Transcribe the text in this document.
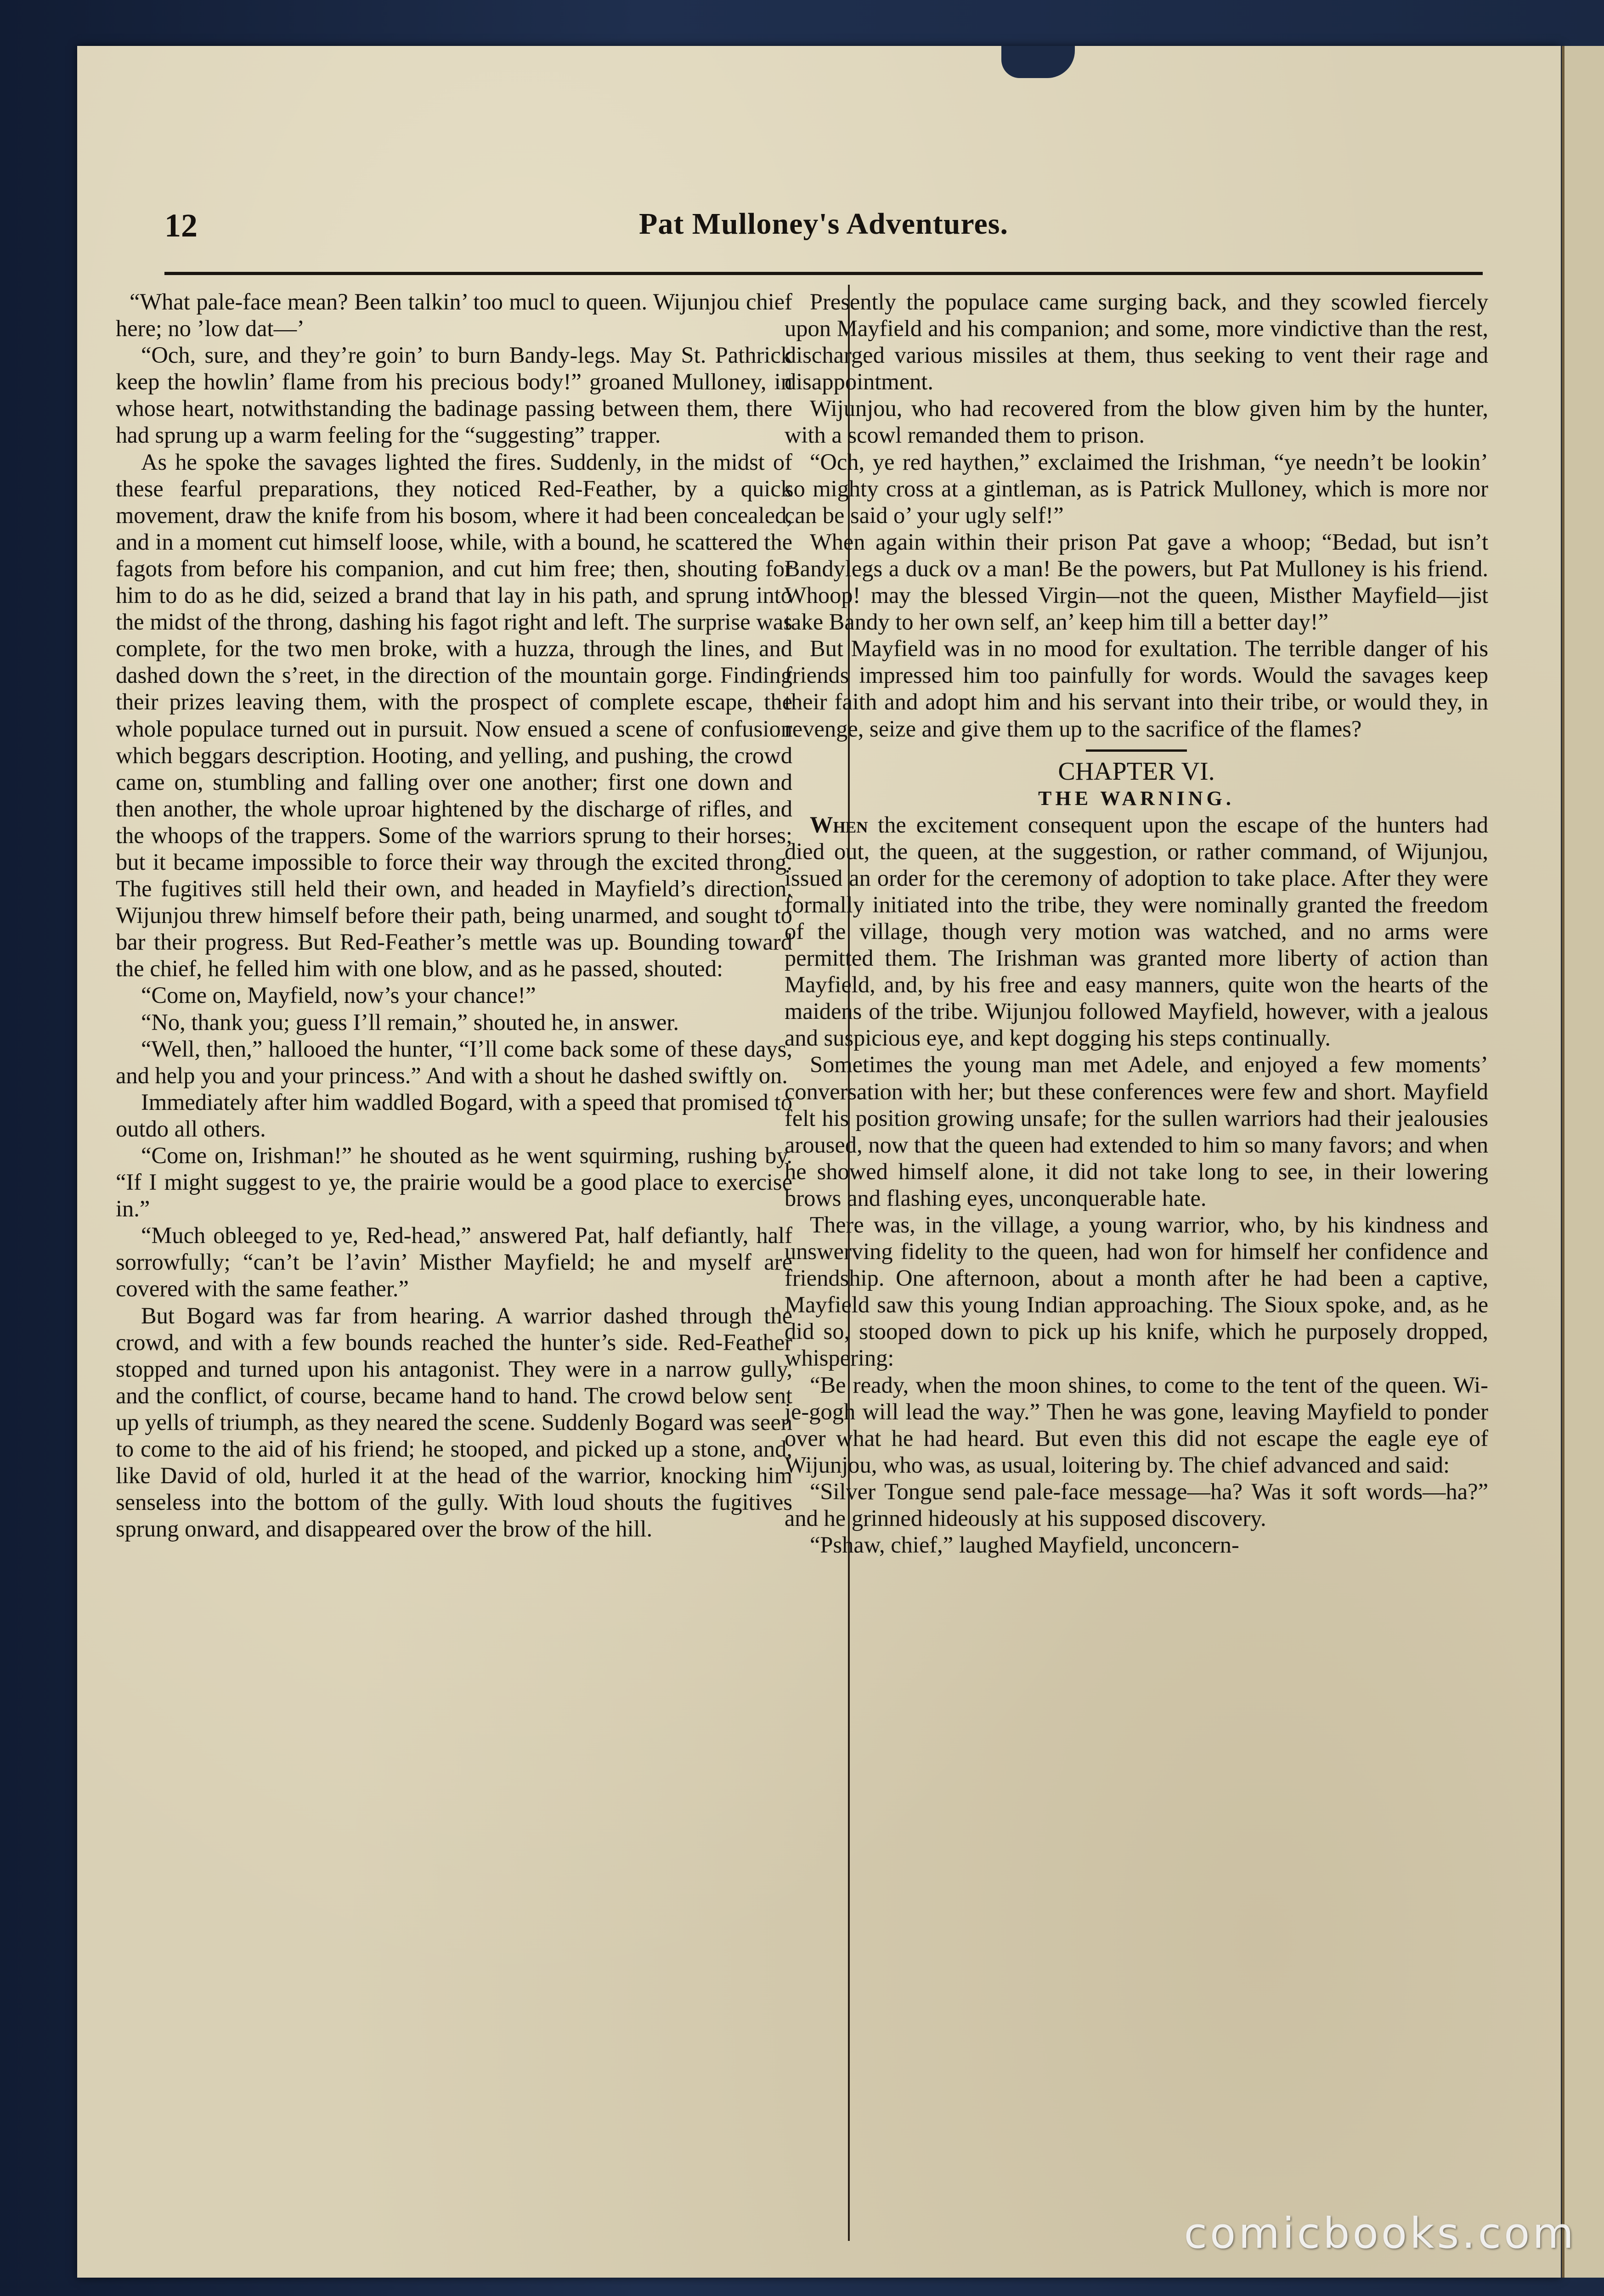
12	Pat Mulloney's Adventures.

“What pale-face mean? Been talkin’ too mucl to queen. Wijunjou chief here; no ’low dat—’

“Och, sure, and they’re goin’ to burn Bandy-legs. May St. Pathrick keep the howlin’ flame from his precious body!” groaned Mulloney, in whose heart, notwithstanding the badinage passing between them, there had sprung up a warm feeling for the “suggesting” trapper.

As he spoke the savages lighted the fires. Suddenly, in the midst of these fearful preparations, they noticed Red-Feather, by a quick movement, draw the knife from his bosom, where it had been concealed, and in a moment cut himself loose, while, with a bound, he scattered the fagots from before his companion, and cut him free; then, shouting for him to do as he did, seized a brand that lay in his path, and sprung into the midst of the throng, dashing his fagot right and left. The surprise was complete, for the two men broke, with a huzza, through the lines, and dashed down the s’reet, in the direction of the mountain gorge. Finding their prizes leaving them, with the prospect of complete escape, the whole populace turned out in pursuit. Now ensued a scene of confusion which beggars description. Hooting, and yelling, and pushing, the crowd came on, stumbling and falling over one another; first one down and then another, the whole uproar hightened by the discharge of rifles, and the whoops of the trappers. Some of the warriors sprung to their horses; but it became impossible to force their way through the excited throng. The fugitives still held their own, and headed in Mayfield’s direction. Wijunjou threw himself before their path, being unarmed, and sought to bar their progress. But Red-Feather’s mettle was up. Bounding toward the chief, he felled him with one blow, and as he passed, shouted:

“Come on, Mayfield, now’s your chance!”

“No, thank you; guess I’ll remain,” shouted he, in answer.

“Well, then,” hallooed the hunter, “I’ll come back some of these days, and help you and your princess.” And with a shout he dashed swiftly on.

Immediately after him waddled Bogard, with a speed that promised to outdo all others.

“Come on, Irishman!” he shouted as he went squirming, rushing by. “If I might suggest to ye, the prairie would be a good place to exercise in.”

“Much obleeged to ye, Red-head,” answered Pat, half defiantly, half sorrowfully; “can’t be l’avin’ Misther Mayfield; he and myself are covered with the same feather.”

But Bogard was far from hearing. A warrior dashed through the crowd, and with a few bounds reached the hunter’s side. Red-Feather stopped and turned upon his antagonist. They were in a narrow gully, and the conflict, of course, became hand to hand. The crowd below sent up yells of triumph, as they neared the scene. Suddenly Bogard was seen to come to the aid of his friend; he stooped, and picked up a stone, and, like David of old, hurled it at the head of the warrior, knocking him senseless into the bottom of the gully. With loud shouts the fugitives sprung onward, and disappeared over the brow of the hill.

Presently the populace came surging back, and they scowled fiercely upon Mayfield and his companion; and some, more vindictive than the rest, discharged various missiles at them, thus seeking to vent their rage and disappointment.

Wijunjou, who had recovered from the blow given him by the hunter, with a scowl remanded them to prison.

“Och, ye red haythen,” exclaimed the Irishman, “ye needn’t be lookin’ so mighty cross at a gintleman, as is Patrick Mulloney, which is more nor can be said o’ your ugly self!”

When again within their prison Pat gave a whoop; “Bedad, but isn’t Bandylegs a duck ov a man! Be the powers, but Pat Mulloney is his friend. Whoop! may the blessed Virgin—not the queen, Misther Mayfield—jist take Bandy to her own self, an’ keep him till a better day!”

But Mayfield was in no mood for exultation. The terrible danger of his friends impressed him too painfully for words. Would the savages keep their faith and adopt him and his servant into their tribe, or would they, in revenge, seize and give them up to the sacrifice of the flames?

CHAPTER VI.
THE WARNING.

When the excitement consequent upon the escape of the hunters had died out, the queen, at the suggestion, or rather command, of Wijunjou, issued an order for the ceremony of adoption to take place. After they were formally initiated into the tribe, they were nominally granted the freedom of the village, though very motion was watched, and no arms were permitted them. The Irishman was granted more liberty of action than Mayfield, and, by his free and easy manners, quite won the hearts of the maidens of the tribe. Wijunjou followed Mayfield, however, with a jealous and suspicious eye, and kept dogging his steps continually.

Sometimes the young man met Adele, and enjoyed a few moments’ conversation with her; but these conferences were few and short. Mayfield felt his position growing unsafe; for the sullen warriors had their jealousies aroused, now that the queen had extended to him so many favors; and when he showed himself alone, it did not take long to see, in their lowering brows and flashing eyes, unconquerable hate.

There was, in the village, a young warrior, who, by his kindness and unswerving fidelity to the queen, had won for himself her confidence and friendship. One afternoon, about a month after he had been a captive, Mayfield saw this young Indian approaching. The Sioux spoke, and, as he did so, stooped down to pick up his knife, which he purposely dropped, whispering:

“Be ready, when the moon shines, to come to the tent of the queen. Wi-je-gogh will lead the way.” Then he was gone, leaving Mayfield to ponder over what he had heard. But even this did not escape the eagle eye of Wijunjou, who was, as usual, loitering by. The chief advanced and said:

“Silver Tongue send pale-face message—ha? Was it soft words—ha?” and he grinned hideously at his supposed discovery.

“Pshaw, chief,” laughed Mayfield, unconcern-

comicbooks.com
